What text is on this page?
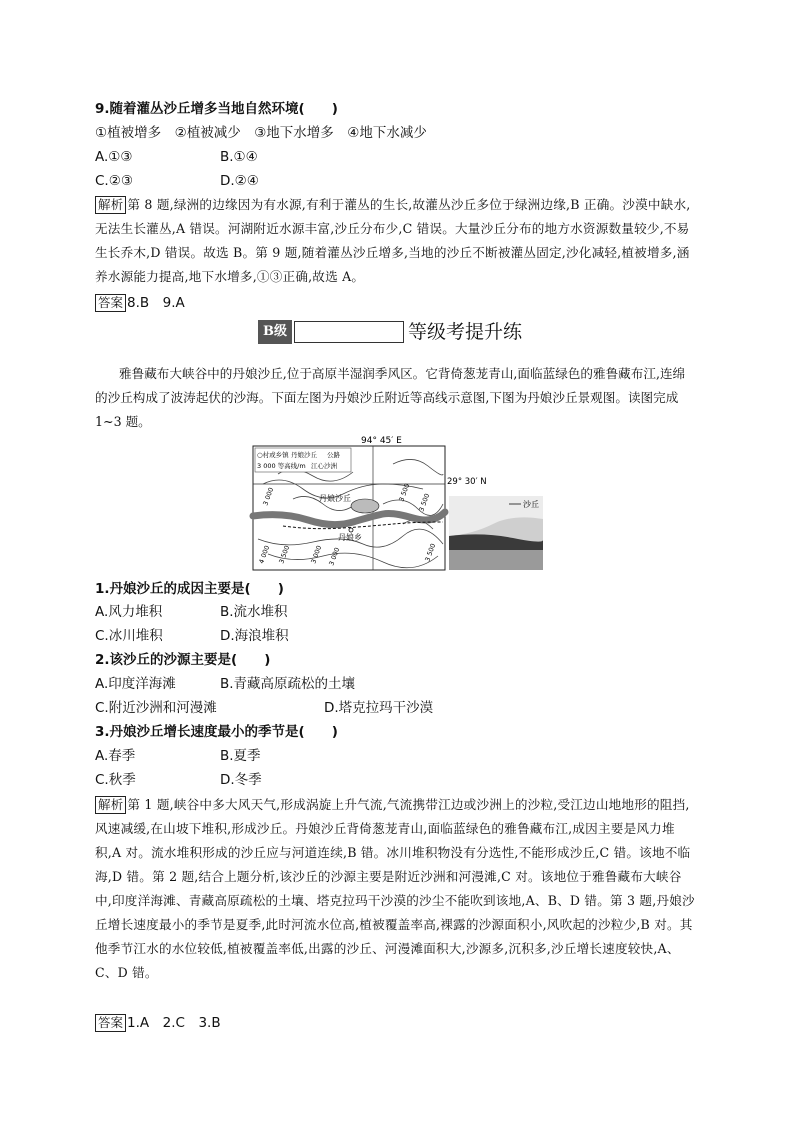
9.随着灌丛沙丘增多当地自然环境(　　)
①植被增多　②植被减少　③地下水增多　④地下水减少
A.①③	B.①④
C.②③	D.②④
解析 第 8 题,绿洲的边缘因为有水源,有利于灌丛的生长,故灌丛沙丘多位于绿洲边缘,B 正确。沙漠中缺水,无法生长灌丛,A 错误。河湖附近水源丰富,沙丘分布少,C 错误。大量沙丘分布的地方水资源数量较少,不易生长乔木,D 错误。故选 B。第 9 题,随着灌丛沙丘增多,当地的沙丘不断被灌丛固定,沙化减轻,植被增多,涵养水源能力提高,地下水增多,①③正确,故选 A。
答案 8.B　9.A
B级	等级考提升练
雅鲁藏布大峡谷中的丹娘沙丘,位于高原半湿润季风区。它背倚葱茏青山,面临蓝绿色的雅鲁藏布江,连绵的沙丘构成了波涛起伏的沙海。下面左图为丹娘沙丘附近等高线示意图,下图为丹娘沙丘景观图。读图完成 1~3 题。
94° 45′ E
○村或乡镇 丹娘沙丘 公路
3 000 等高线/m 江心沙洲
丹娘沙丘
丹娘乡
3 000	3 500
4 000 3 500	3 000 3 000
3 500
3 500
29° 30′ N
沙丘
1.丹娘沙丘的成因主要是(　　)
A.风力堆积	B.流水堆积
C.冰川堆积	D.海浪堆积
2.该沙丘的沙源主要是(　　)
A.印度洋海滩	B.青藏高原疏松的土壤
C.附近沙洲和河漫滩	D.塔克拉玛干沙漠
3.丹娘沙丘增长速度最小的季节是(　　)
A.春季	B.夏季
C.秋季	D.冬季
解析 第 1 题,峡谷中多大风天气,形成涡旋上升气流,气流携带江边或沙洲上的沙粒,受江边山地地形的阻挡,风速减缓,在山坡下堆积,形成沙丘。丹娘沙丘背倚葱茏青山,面临蓝绿色的雅鲁藏布江,成因主要是风力堆积,A 对。流水堆积形成的沙丘应与河道连续,B 错。冰川堆积物没有分选性,不能形成沙丘,C 错。该地不临海,D 错。第 2 题,结合上题分析,该沙丘的沙源主要是附近沙洲和河漫滩,C 对。该地位于雅鲁藏布大峡谷中,印度洋海滩、青藏高原疏松的土壤、塔克拉玛干沙漠的沙尘不能吹到该地,A、B、D 错。第 3 题,丹娘沙丘增长速度最小的季节是夏季,此时河流水位高,植被覆盖率高,裸露的沙源面积小,风吹起的沙粒少,B 对。其他季节江水的水位较低,植被覆盖率低,出露的沙丘、河漫滩面积大,沙源多,沉积多,沙丘增长速度较快,A、C、D 错。
答案 1.A　2.C　3.B
